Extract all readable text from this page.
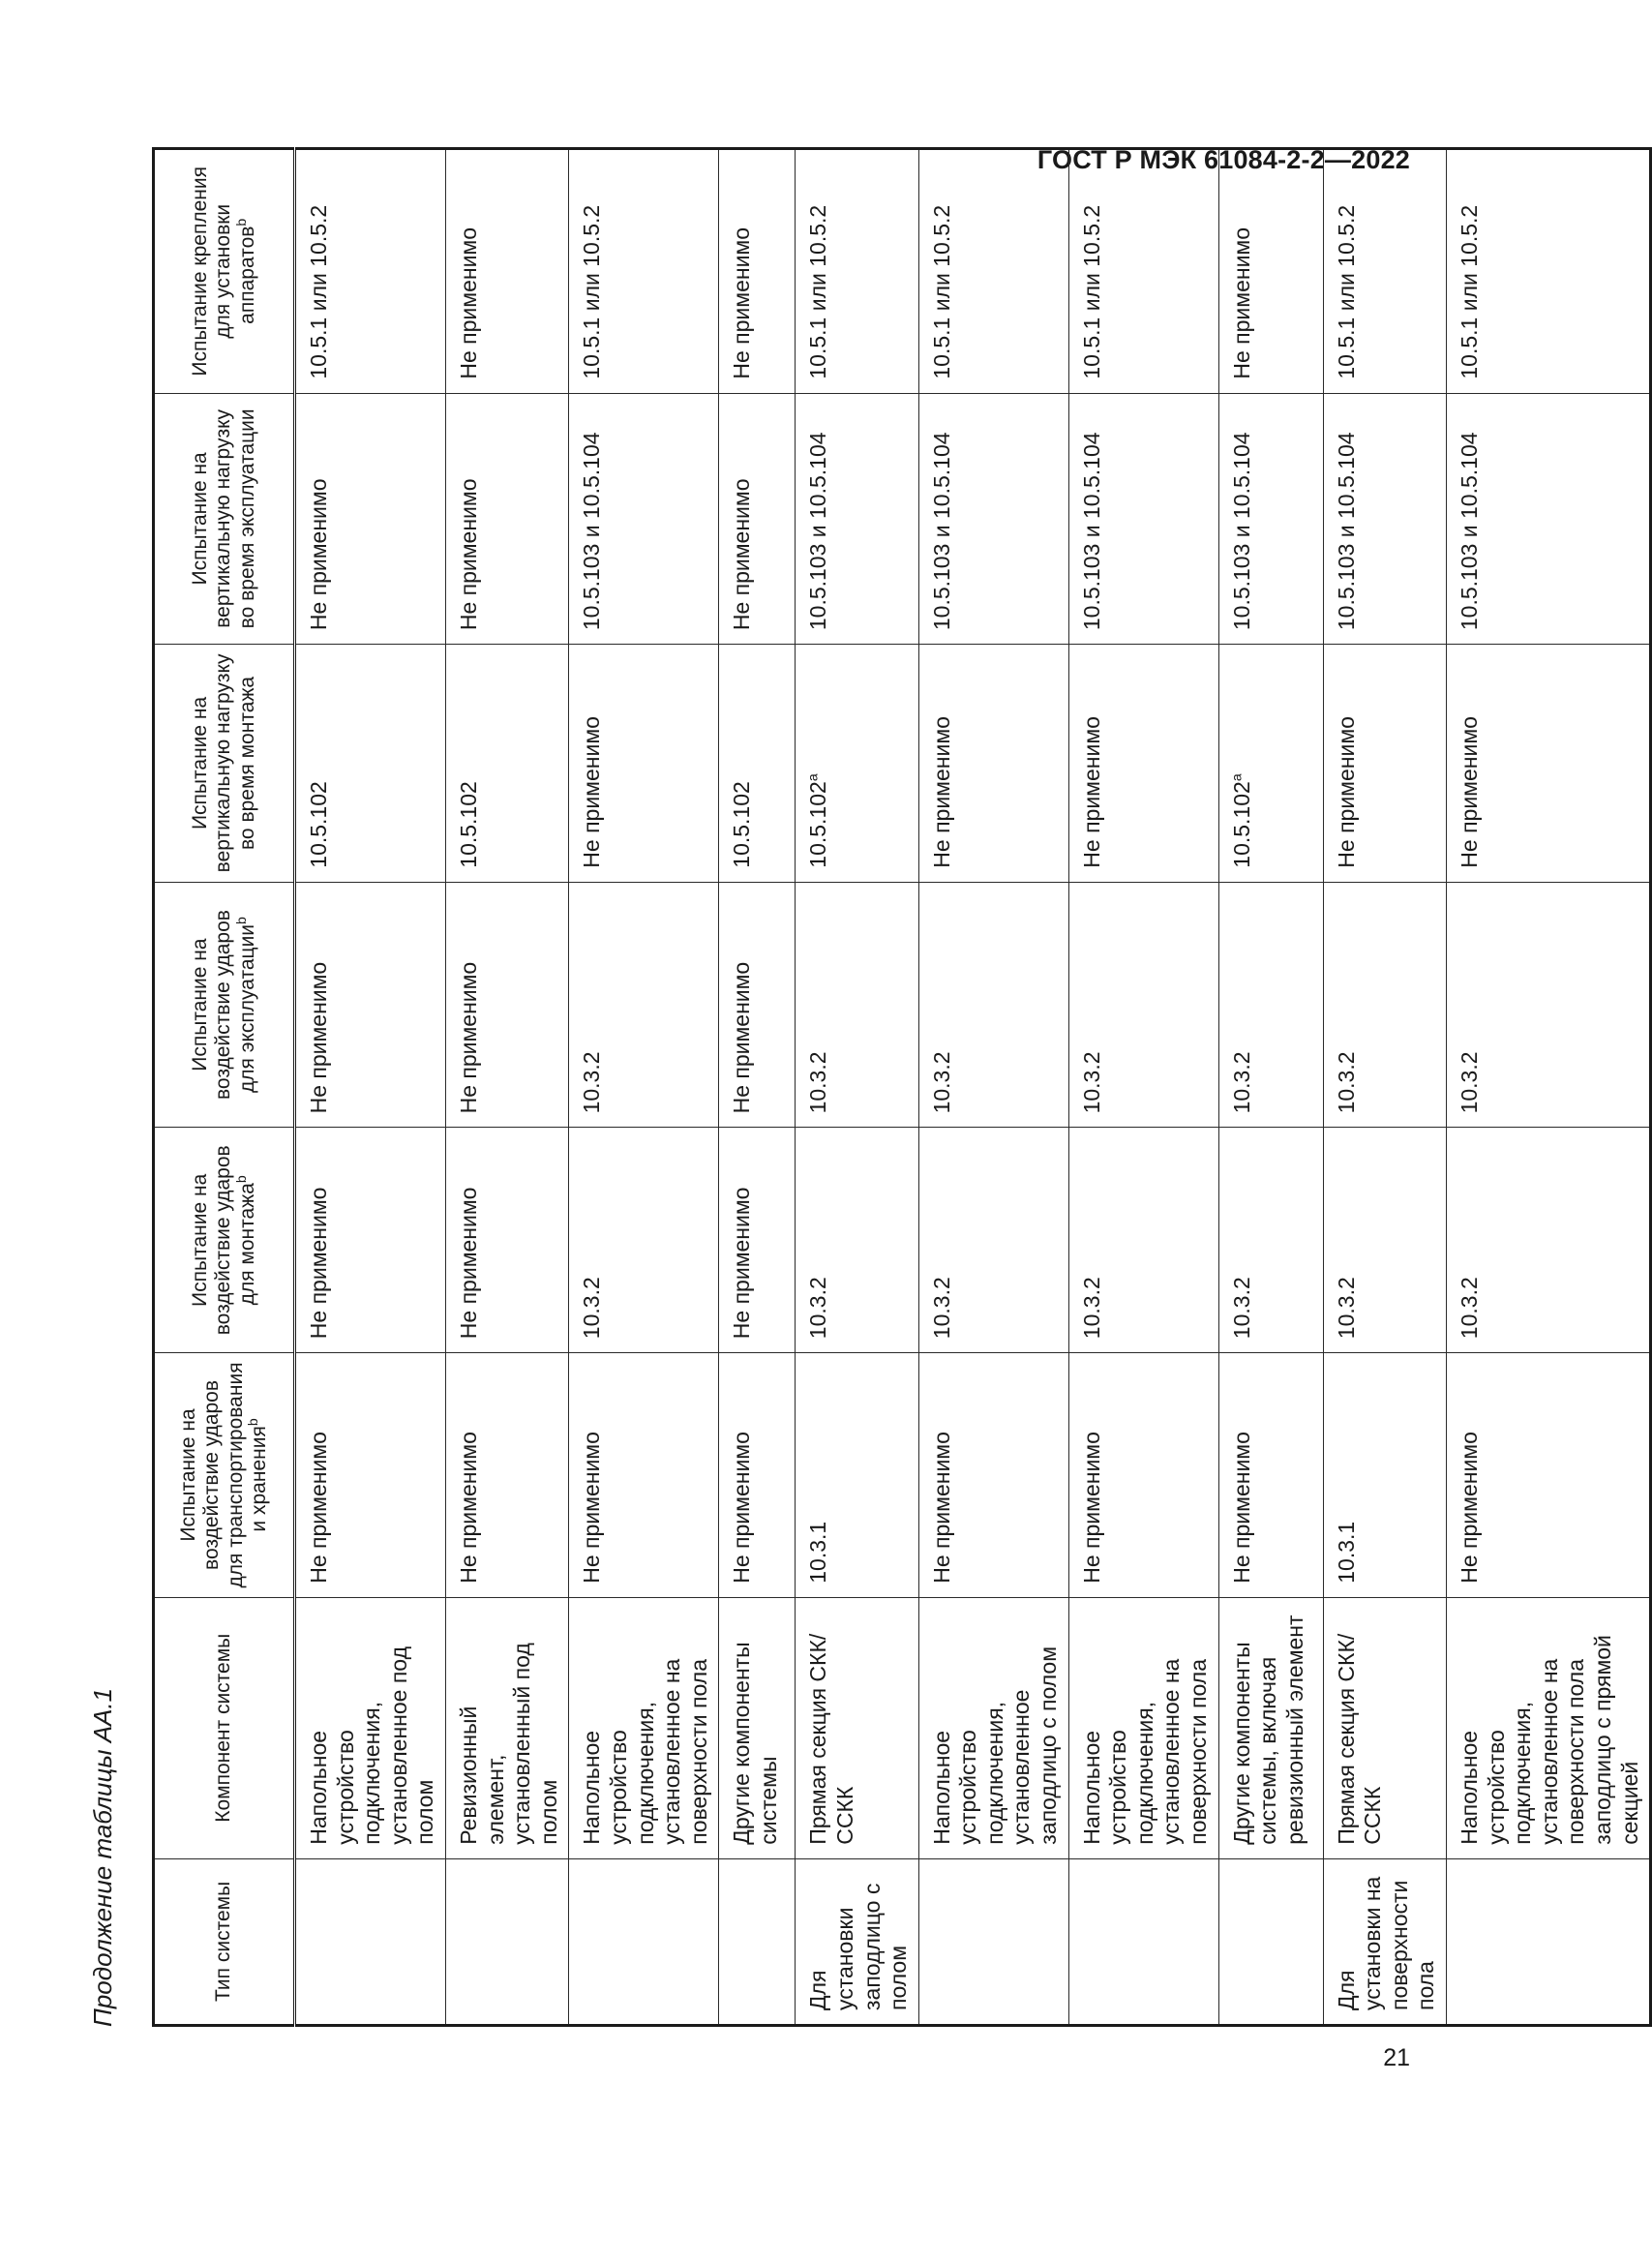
ГОСТ Р МЭК 61084-2-2—2022
Продолжение таблицы АА.1	Тип системы	Компонент системы	Испытание на воздействие ударов для транспортирования и хранения$^b$	Испытание на воздействие ударов для монтажа$^b$	Испытание на воздействие ударов для эксплуатации$^b$	Испытание на вертикальную нагрузку во время монтажа	Испытание на вертикальную нагрузку во время эксплуатации	Испытание крепления для установки аппаратов$^b$
	Напольное устройство подключения, установленное под полом	Не применимо	Не применимо	Не применимо	10.5.102	Не применимо	10.5.1 или 10.5.2
	Ревизионный элемент, установленный под полом	Не применимо	Не применимо	Не применимо	10.5.102	Не применимо	Не применимо
	Напольное устройство подключения, установленное на поверхности пола	Не применимо	10.3.2	10.3.2	Не применимо	10.5.103 и 10.5.104	10.5.1 или 10.5.2
	Другие компоненты системы	Не применимо	Не применимо	Не применимо	10.5.102	Не применимо	Не применимо
Для установки заподлицо с полом	Прямая секция СКК/ССКК	10.3.1	10.3.2	10.3.2	10.5.102$^a$	10.5.103 и 10.5.104	10.5.1 или 10.5.2
	Напольное устройство подключения, установленное заподлицо с полом	Не применимо	10.3.2	10.3.2	Не применимо	10.5.103 и 10.5.104	10.5.1 или 10.5.2
	Напольное устройство подключения, установленное на поверхности пола	Не применимо	10.3.2	10.3.2	Не применимо	10.5.103 и 10.5.104	10.5.1 или 10.5.2
	Другие компоненты системы, включая ревизионный элемент	Не применимо	10.3.2	10.3.2	10.5.102$^a$	10.5.103 и 10.5.104	Не применимо
Для установки на поверхности пола	Прямая секция СКК/ССКК	10.3.1	10.3.2	10.3.2	Не применимо	10.5.103 и 10.5.104	10.5.1 или 10.5.2
	Напольное устройство подключения, установленное на поверхности пола заподлицо с прямой секцией	Не применимо	10.3.2	10.3.2	Не применимо	10.5.103 и 10.5.104	10.5.1 или 10.5.2
21
